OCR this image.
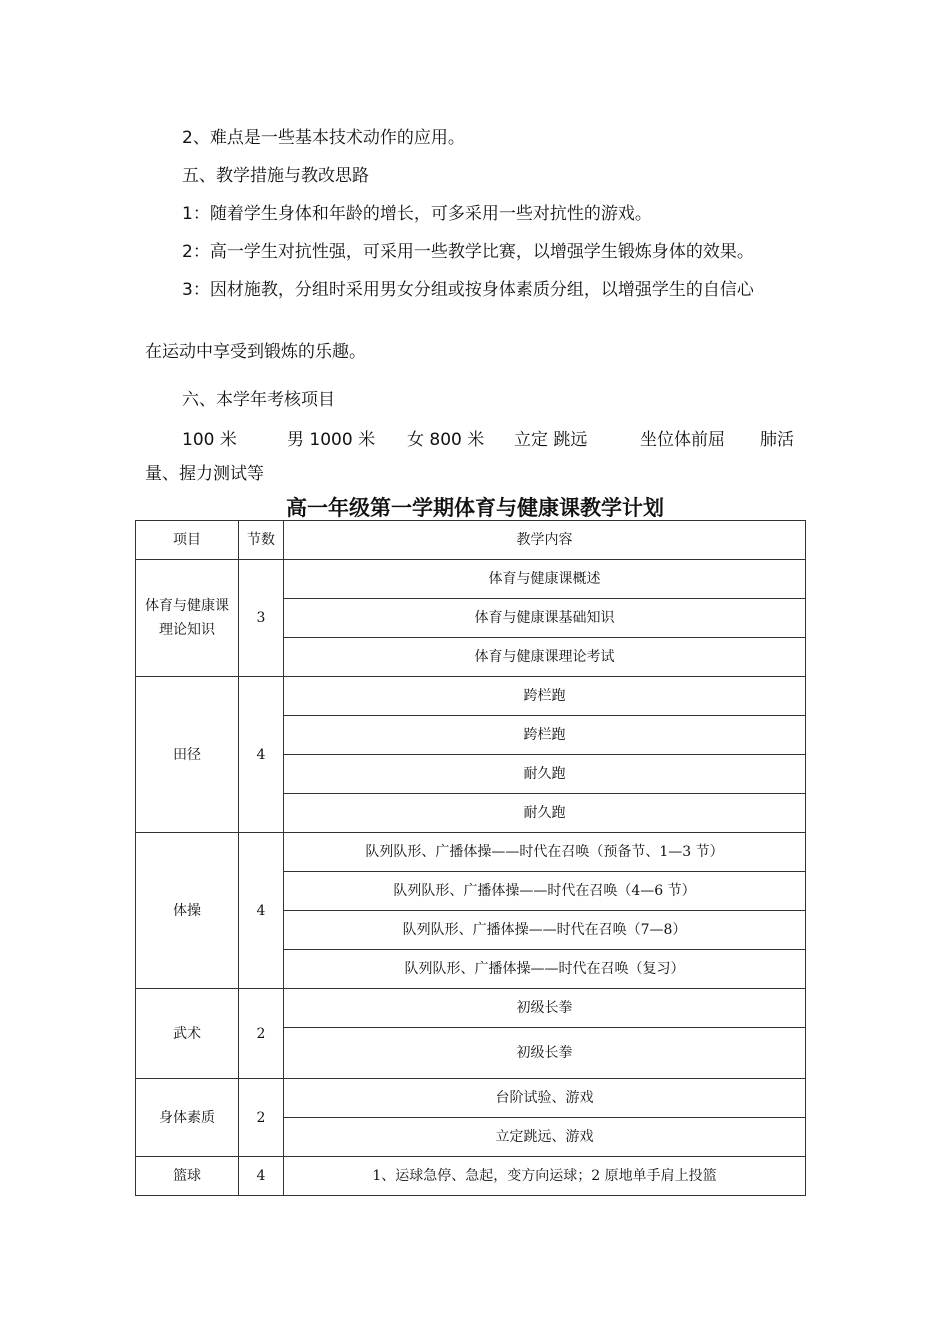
2、难点是一些基本技术动作的应用。
五、教学措施与教改思路
1：随着学生身体和年龄的增长，可多采用一些对抗性的游戏。
2：高一学生对抗性强，可采用一些教学比赛，以增强学生锻炼身体的效果。
3：因材施教，分组时采用男女分组或按身体素质分组，以增强学生的自信心
在运动中享受到锻炼的乐趣。
六、本学年考核项目
100 米	男 1000 米 女 800 米 立定 跳远	坐位体前屈 肺活
量、握力测试等
高一年级第一学期体育与健康课教学计划
项目	节数	教学内容
体育与健康课理论知识	3	体育与健康课概述
		体育与健康课基础知识
		体育与健康课理论考试
田径	4	跨栏跑
		跨栏跑
		耐久跑
		耐久跑
体操	4	队列队形、广播体操——时代在召唤（预备节、1—3 节）
		队列队形、广播体操——时代在召唤（4—6 节）
		队列队形、广播体操——时代在召唤（7—8）
		队列队形、广播体操——时代在召唤（复习）
武术	2	初级长拳
		初级长拳
身体素质	2	台阶试验、游戏
		立定跳远、游戏
篮球	4	1、运球急停、急起，变方向运球；2 原地单手肩上投篮
